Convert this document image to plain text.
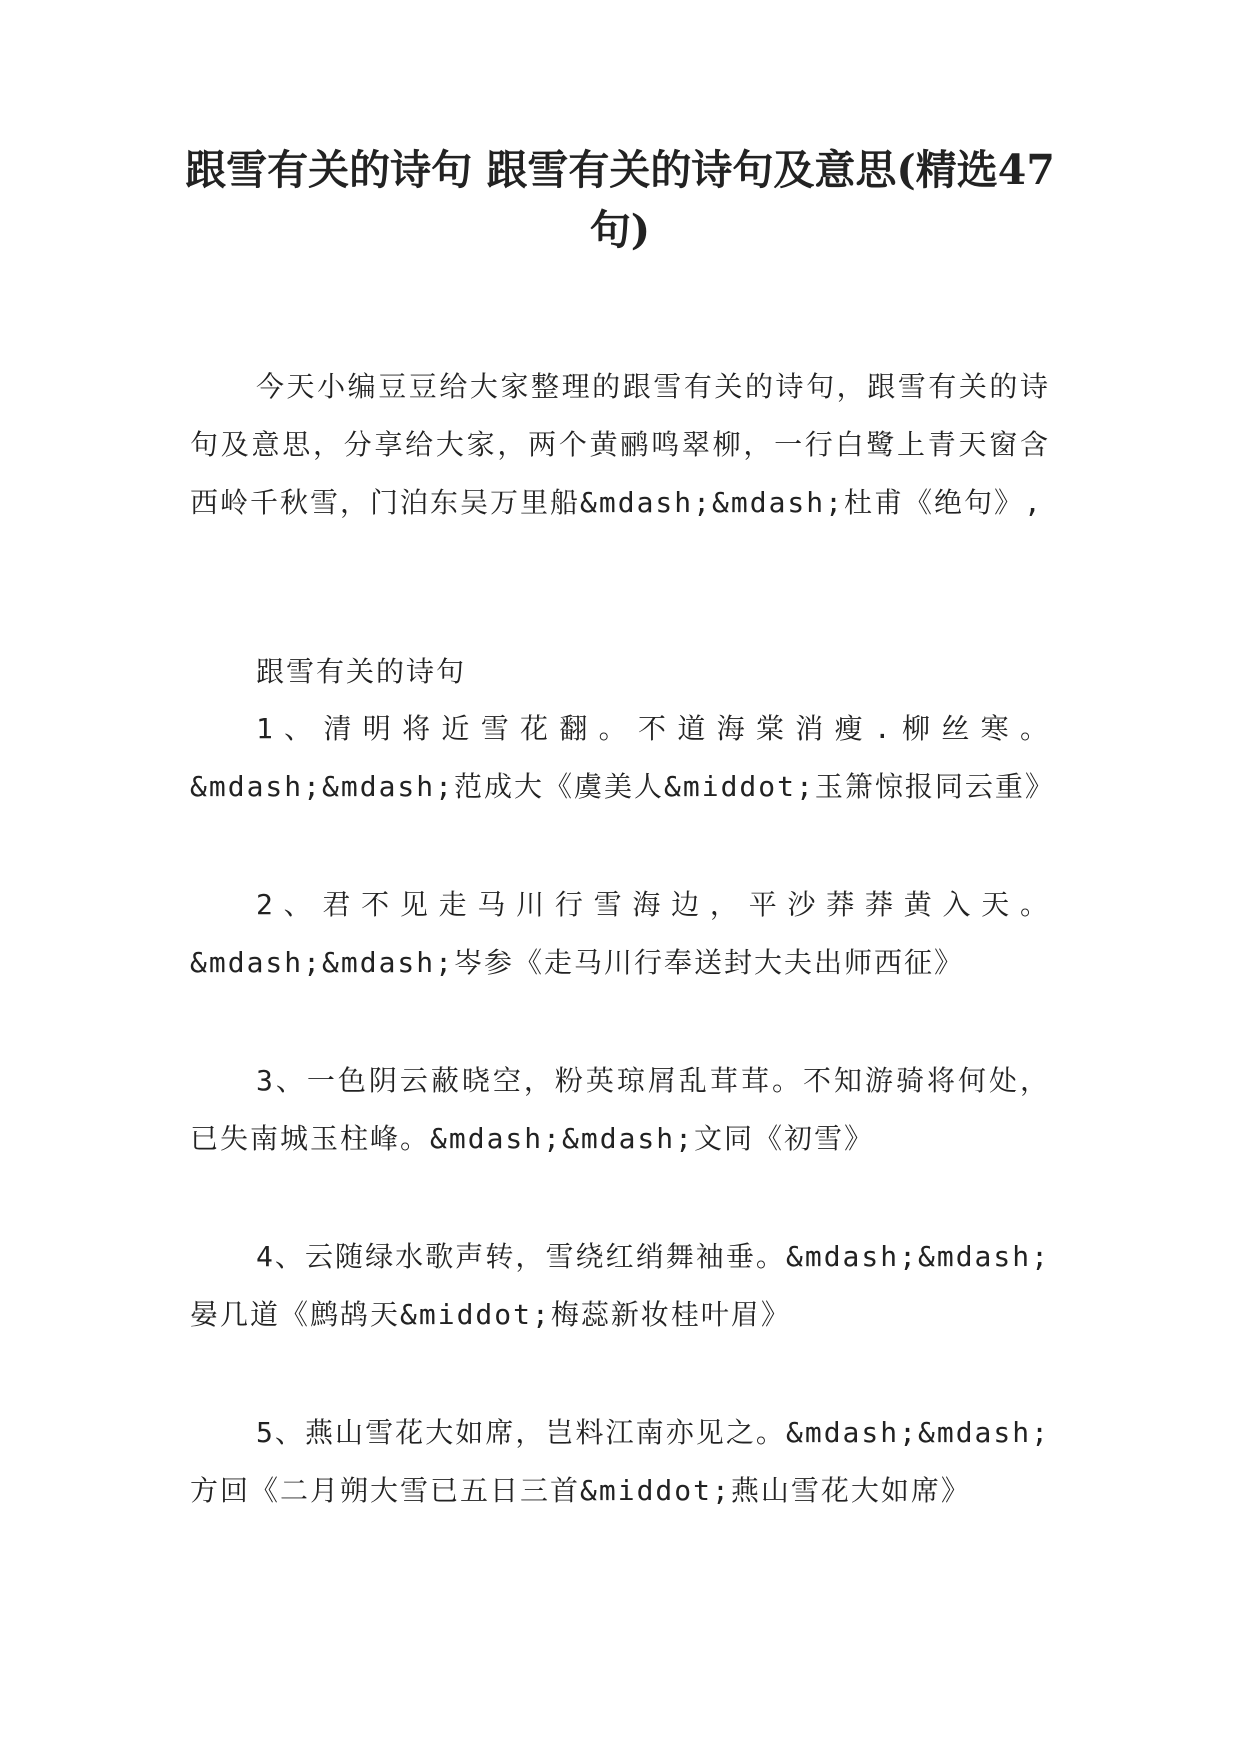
跟雪有关的诗句 跟雪有关的诗句及意思(精选47句)

今天小编豆豆给大家整理的跟雪有关的诗句，跟雪有关的诗句及意思，分享给大家，两个黄鹂鸣翠柳，一行白鹭上青天窗含西岭千秋雪，门泊东吴万里船&mdash;&mdash;杜甫《绝句》,

跟雪有关的诗句

1、清明将近雪花翻。不道海棠消瘦.柳丝寒。&mdash;&mdash;范成大《虞美人&middot;玉箫惊报同云重》

2、君不见走马川行雪海边，平沙莽莽黄入天。&mdash;&mdash;岑参《走马川行奉送封大夫出师西征》

3、一色阴云蔽晓空，粉英琼屑乱茸茸。不知游骑将何处，已失南城玉柱峰。&mdash;&mdash;文同《初雪》

4、云随绿水歌声转，雪绕红绡舞袖垂。&mdash;&mdash;晏几道《鹧鸪天&middot;梅蕊新妆桂叶眉》

5、燕山雪花大如席，岂料江南亦见之。&mdash;&mdash;方回《二月朔大雪已五日三首&middot;燕山雪花大如席》
